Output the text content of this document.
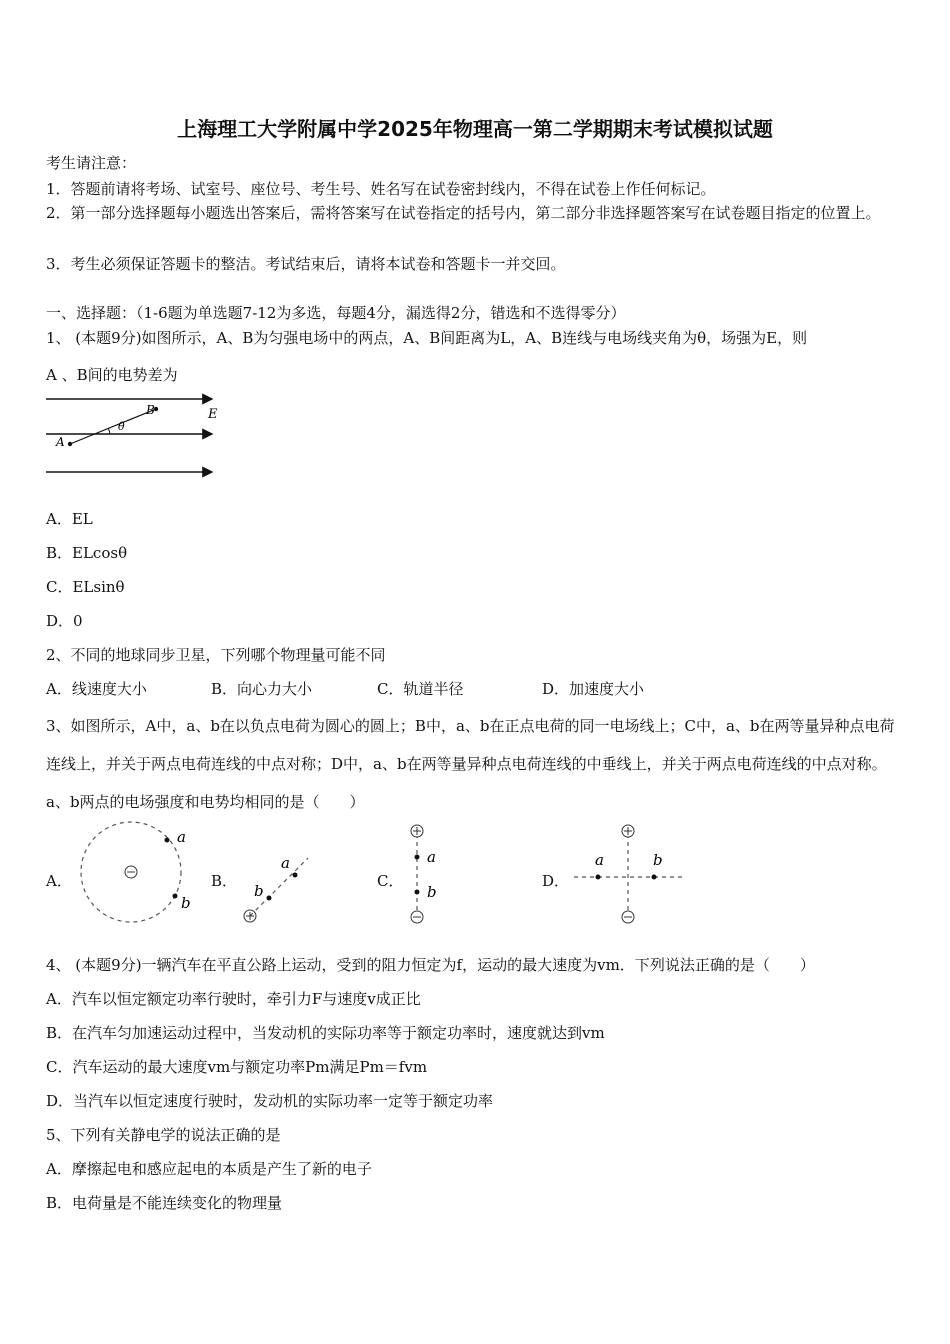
上海理工大学附属中学2025年物理高一第二学期期末考试模拟试题
考生请注意：
1．答题前请将考场、试室号、座位号、考生号、姓名写在试卷密封线内，不得在试卷上作任何标记。
2．第一部分选择题每小题选出答案后，需将答案写在试卷指定的括号内，第二部分非选择题答案写在试卷题目指定的位置上。
3．考生必须保证答题卡的整洁。考试结束后，请将本试卷和答题卡一并交回。
一、选择题：（1-6题为单选题7-12为多选，每题4分，漏选得2分，错选和不选得零分）
1、 (本题9分)如图所示，A、B为匀强电场中的两点，A、B间距离为L，A、B连线与电场线夹角为θ，场强为E，则
A 、B间的电势差为
B	E
A
θ
A．EL
B．ELcosθ
C．ELsinθ
D．0
2、不同的地球同步卫星，下列哪个物理量可能不同
A．线速度大小	B．向心力大小	C．轨道半径	D．加速度大小
3、如图所示，A中，a、b在以负点电荷为圆心的圆上；B中，a、b在正点电荷的同一电场线上；C中，a、b在两等量异种点电荷连线上，并关于两点电荷连线的中点对称；D中，a、b在两等量异种点电荷连线的中垂线上，并关于两点电荷连线的中点对称。a、b两点的电场强度和电势均相同的是（　　）
A．
a
b
B．
a
b
C．
a
b
D．
a	b
4、 (本题9分)一辆汽车在平直公路上运动，受到的阻力恒定为f，运动的最大速度为vm．下列说法正确的是（　　）
A．汽车以恒定额定功率行驶时，牵引力F与速度v成正比
B．在汽车匀加速运动过程中，当发动机的实际功率等于额定功率时，速度就达到vm
C．汽车运动的最大速度vm与额定功率Pm满足Pm＝fvm
D．当汽车以恒定速度行驶时，发动机的实际功率一定等于额定功率
5、下列有关静电学的说法正确的是
A．摩擦起电和感应起电的本质是产生了新的电子
B．电荷量是不能连续变化的物理量
